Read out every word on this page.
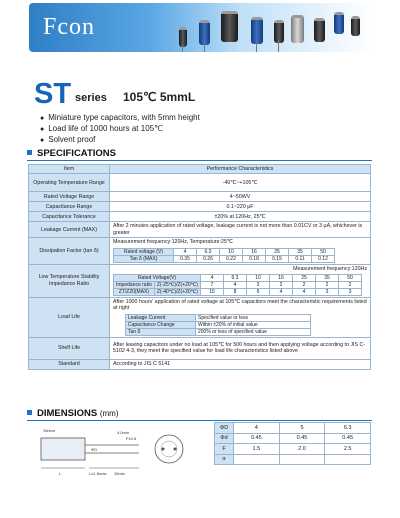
Fcon
ST series 105℃ 5mmL
● Miniature type capacitors, with 5mm height
● Load life of 1000 hours at 105℃
● Solvent proof
SPECIFICATIONS
Item	Performance Characteristics
Operating Temperature Range	-40℃~+105℃
Rated Voltage Range	4~50WV
Capacitance Range	0.1~220 μF
Capacitance Tolerance	±20% at 120Hz, 25℃
Leakage Current (MAX)	After 2 minutes application of rated voltage, leakage current is not more than 0.01CV or 3 μA, whichever is greater
Dissipation Factor (tan δ)	
Measurement frequency:120Hz, Temperature:25℃
Rated voltage (V)	4	6.3	10	16	25	35	50
Tan δ (MAX)	0.35	0.26	0.22	0.18	0.15	0.11	0.12

Low Temperature Stability Impedance Ratio	
Measurement frequency:120Hz
Rated Voltage(V)	4	6.3	10	16	25	35	50
Impedance ratio	Z(-25℃)/Z(+20℃)	7	4	3	2	2	2	2
ZT/Z20(MAX)	Z(-40℃)/Z(+20℃)	15	8	6	4	4	3	3

Load Life	
After 1000 hours' application of rated voltage at 105℃ capacitors meet the characteristic requirements listed at right
Leakage Current	Specified value or less
Capacitance Change	Within ±20% of initial value
Tan δ	200% or less of specified value

Shelf Life	After leaving capacitors under no load at 105℃ for 500 hours and then applying voltage according to JIS C-5102 4-3, they meet the specified value for load life characteristics listed above
Standard	According to JIS C 5141
DIMENSIONS (mm)
Sleeve	4.0min
F±0.5
ΦD
L	L±1.5max 15min
ΦD	4	5	6.3
Φd	0.45	0.45	0.45
F	1.5	2.0	2.5
α			
